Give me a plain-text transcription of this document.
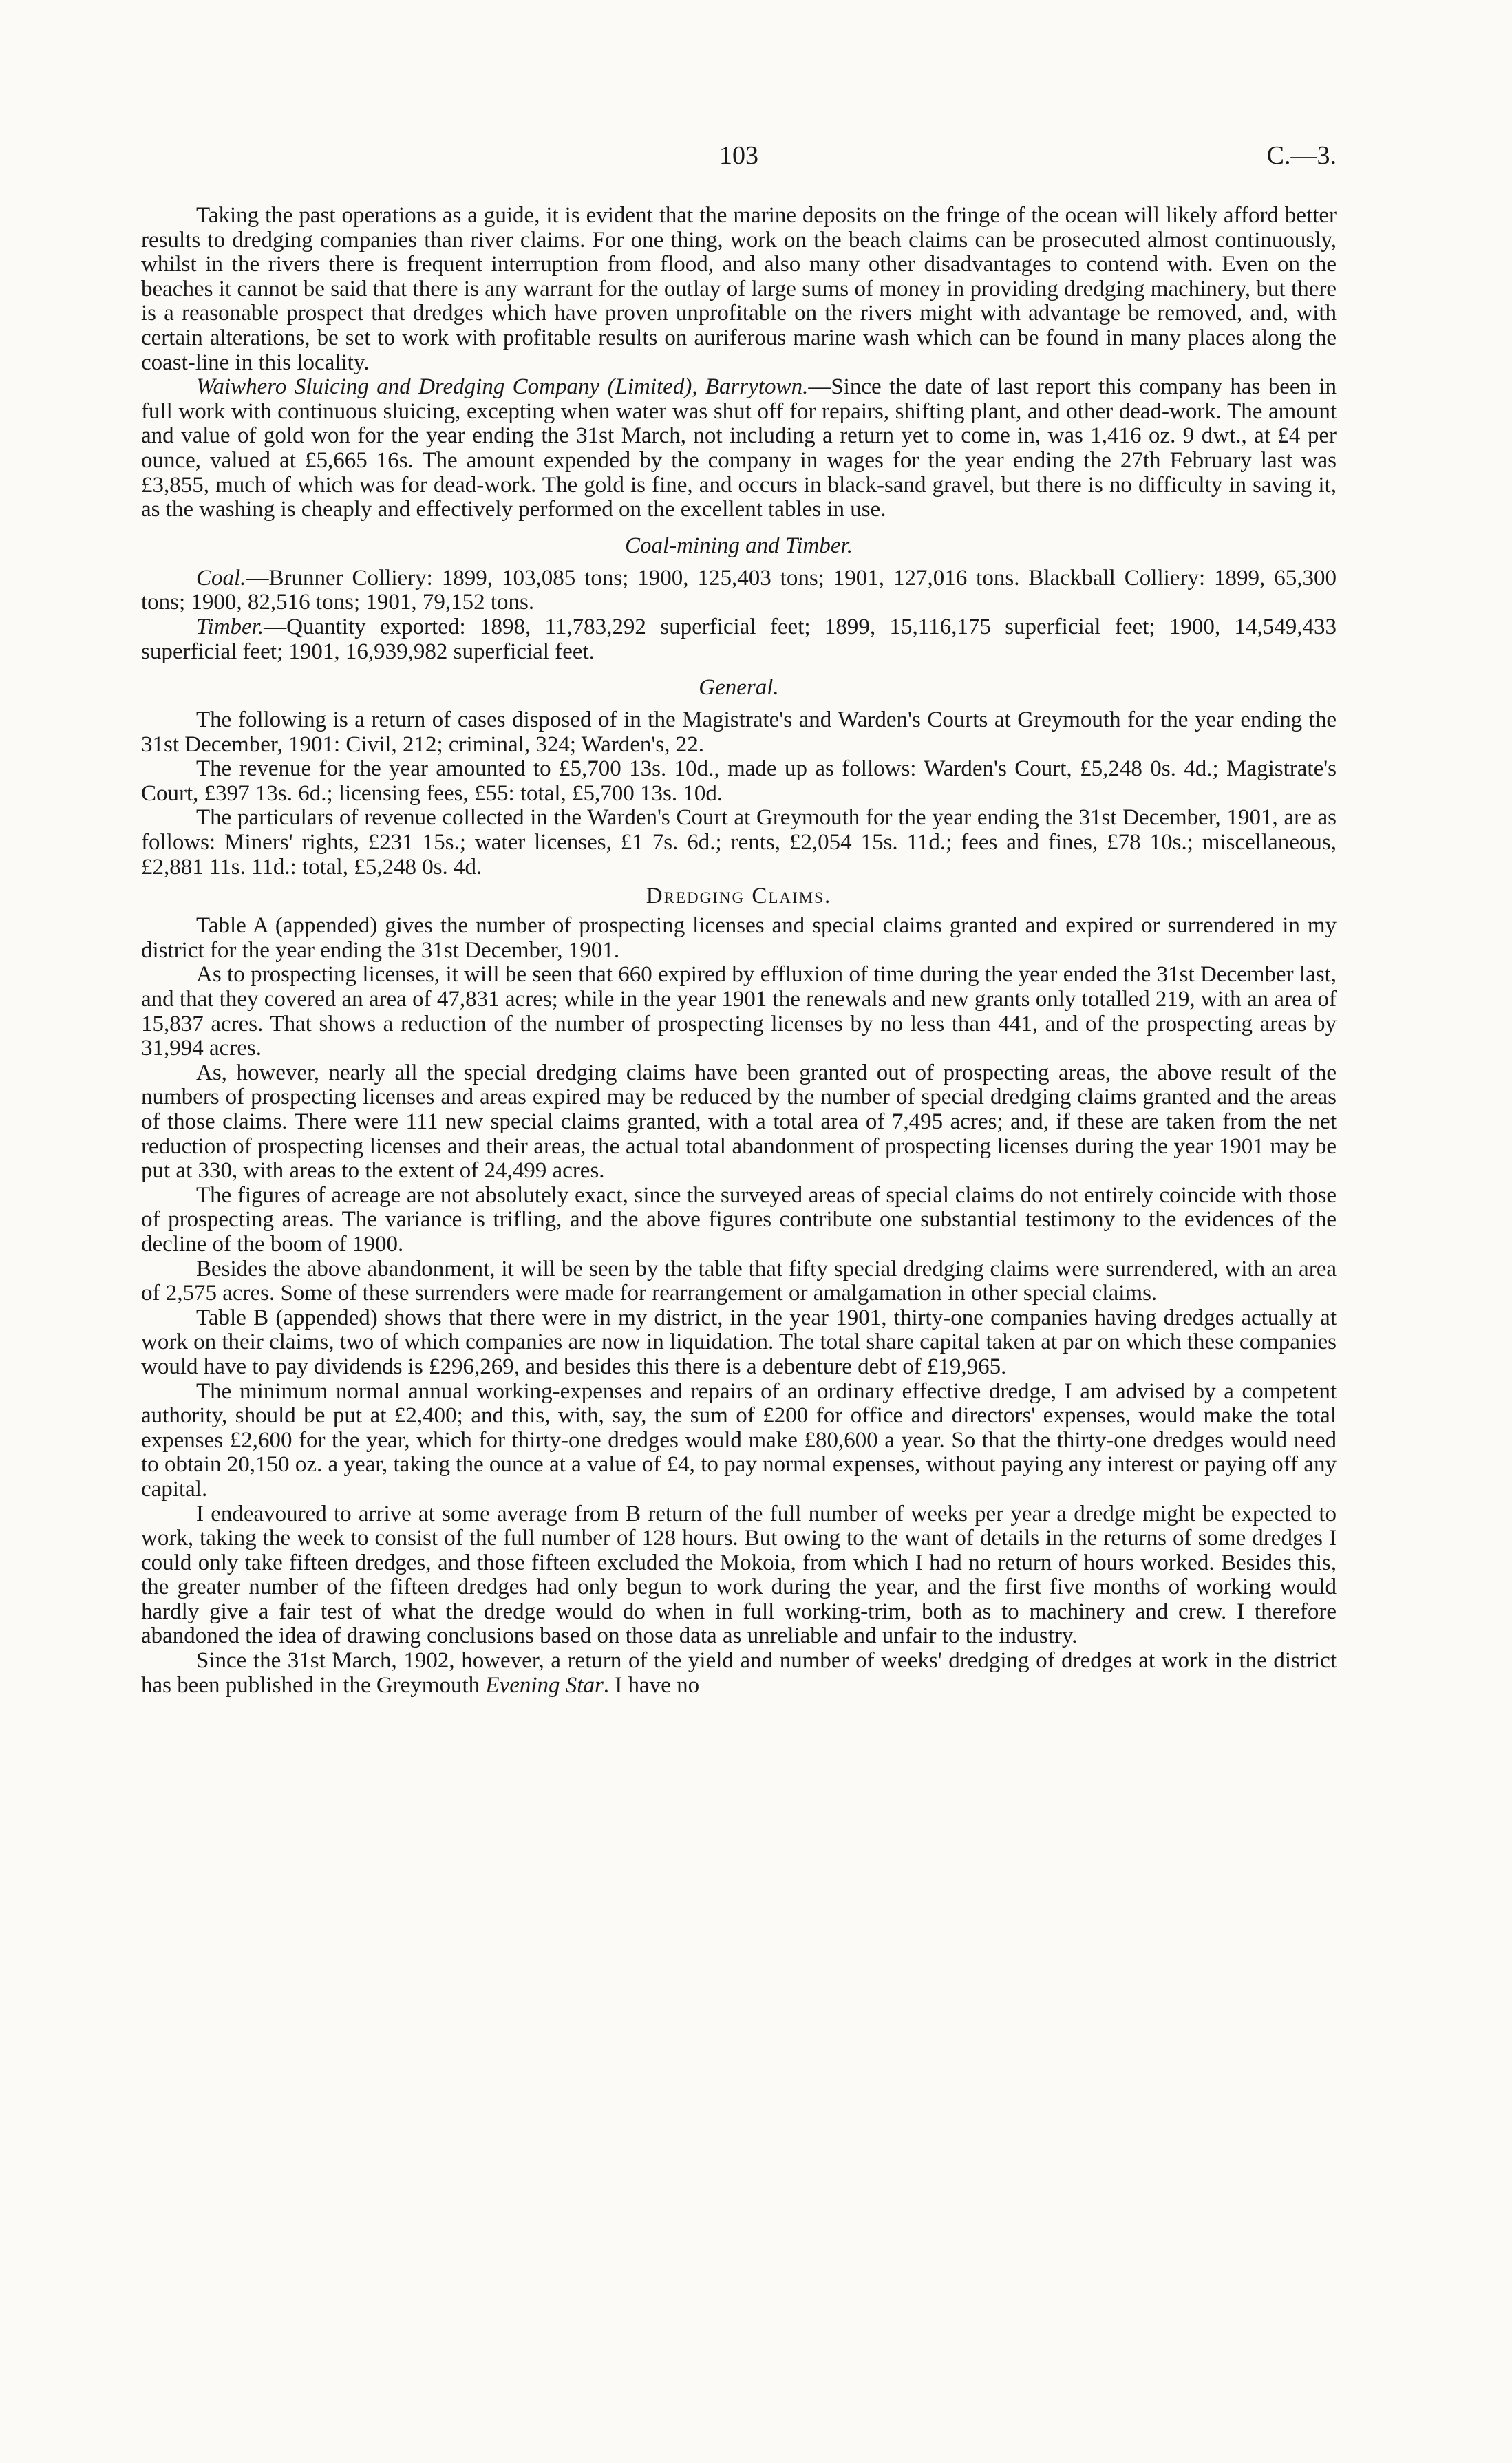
103	C.—3.

Taking the past operations as a guide, it is evident that the marine deposits on the fringe of the ocean will likely afford better results to dredging companies than river claims. For one thing, work on the beach claims can be prosecuted almost continuously, whilst in the rivers there is frequent interruption from flood, and also many other disadvantages to contend with. Even on the beaches it cannot be said that there is any warrant for the outlay of large sums of money in providing dredging machinery, but there is a reasonable prospect that dredges which have proven unprofitable on the rivers might with advantage be removed, and, with certain alterations, be set to work with profitable results on auriferous marine wash which can be found in many places along the coast-line in this locality.

Waiwhero Sluicing and Dredging Company (Limited), Barrytown.—Since the date of last report this company has been in full work with continuous sluicing, excepting when water was shut off for repairs, shifting plant, and other dead-work. The amount and value of gold won for the year ending the 31st March, not including a return yet to come in, was 1,416 oz. 9 dwt., at £4 per ounce, valued at £5,665 16s. The amount expended by the company in wages for the year ending the 27th February last was £3,855, much of which was for dead-work. The gold is fine, and occurs in black-sand gravel, but there is no difficulty in saving it, as the washing is cheaply and effectively performed on the excellent tables in use.

Coal-mining and Timber.

Coal.—Brunner Colliery: 1899, 103,085 tons; 1900, 125,403 tons; 1901, 127,016 tons. Blackball Colliery: 1899, 65,300 tons; 1900, 82,516 tons; 1901, 79,152 tons.

Timber.—Quantity exported: 1898, 11,783,292 superficial feet; 1899, 15,116,175 superficial feet; 1900, 14,549,433 superficial feet; 1901, 16,939,982 superficial feet.

General.

The following is a return of cases disposed of in the Magistrate's and Warden's Courts at Greymouth for the year ending the 31st December, 1901: Civil, 212; criminal, 324; Warden's, 22.

The revenue for the year amounted to £5,700 13s. 10d., made up as follows: Warden's Court, £5,248 0s. 4d.; Magistrate's Court, £397 13s. 6d.; licensing fees, £55: total, £5,700 13s. 10d.

The particulars of revenue collected in the Warden's Court at Greymouth for the year ending the 31st December, 1901, are as follows: Miners' rights, £231 15s.; water licenses, £1 7s. 6d.; rents, £2,054 15s. 11d.; fees and fines, £78 10s.; miscellaneous, £2,881 11s. 11d.: total, £5,248 0s. 4d.

Dredging Claims.

Table A (appended) gives the number of prospecting licenses and special claims granted and expired or surrendered in my district for the year ending the 31st December, 1901.

As to prospecting licenses, it will be seen that 660 expired by effluxion of time during the year ended the 31st December last, and that they covered an area of 47,831 acres; while in the year 1901 the renewals and new grants only totalled 219, with an area of 15,837 acres. That shows a reduction of the number of prospecting licenses by no less than 441, and of the prospecting areas by 31,994 acres.

As, however, nearly all the special dredging claims have been granted out of prospecting areas, the above result of the numbers of prospecting licenses and areas expired may be reduced by the number of special dredging claims granted and the areas of those claims. There were 111 new special claims granted, with a total area of 7,495 acres; and, if these are taken from the net reduction of prospecting licenses and their areas, the actual total abandonment of prospecting licenses during the year 1901 may be put at 330, with areas to the extent of 24,499 acres.

The figures of acreage are not absolutely exact, since the surveyed areas of special claims do not entirely coincide with those of prospecting areas. The variance is trifling, and the above figures contribute one substantial testimony to the evidences of the decline of the boom of 1900.

Besides the above abandonment, it will be seen by the table that fifty special dredging claims were surrendered, with an area of 2,575 acres. Some of these surrenders were made for rearrangement or amalgamation in other special claims.

Table B (appended) shows that there were in my district, in the year 1901, thirty-one companies having dredges actually at work on their claims, two of which companies are now in liquidation. The total share capital taken at par on which these companies would have to pay dividends is £296,269, and besides this there is a debenture debt of £19,965.

The minimum normal annual working-expenses and repairs of an ordinary effective dredge, I am advised by a competent authority, should be put at £2,400; and this, with, say, the sum of £200 for office and directors' expenses, would make the total expenses £2,600 for the year, which for thirty-one dredges would make £80,600 a year. So that the thirty-one dredges would need to obtain 20,150 oz. a year, taking the ounce at a value of £4, to pay normal expenses, without paying any interest or paying off any capital.

I endeavoured to arrive at some average from B return of the full number of weeks per year a dredge might be expected to work, taking the week to consist of the full number of 128 hours. But owing to the want of details in the returns of some dredges I could only take fifteen dredges, and those fifteen excluded the Mokoia, from which I had no return of hours worked. Besides this, the greater number of the fifteen dredges had only begun to work during the year, and the first five months of working would hardly give a fair test of what the dredge would do when in full working-trim, both as to machinery and crew. I therefore abandoned the idea of drawing conclusions based on those data as unreliable and unfair to the industry.

Since the 31st March, 1902, however, a return of the yield and number of weeks' dredging of dredges at work in the district has been published in the Greymouth Evening Star. I have no
